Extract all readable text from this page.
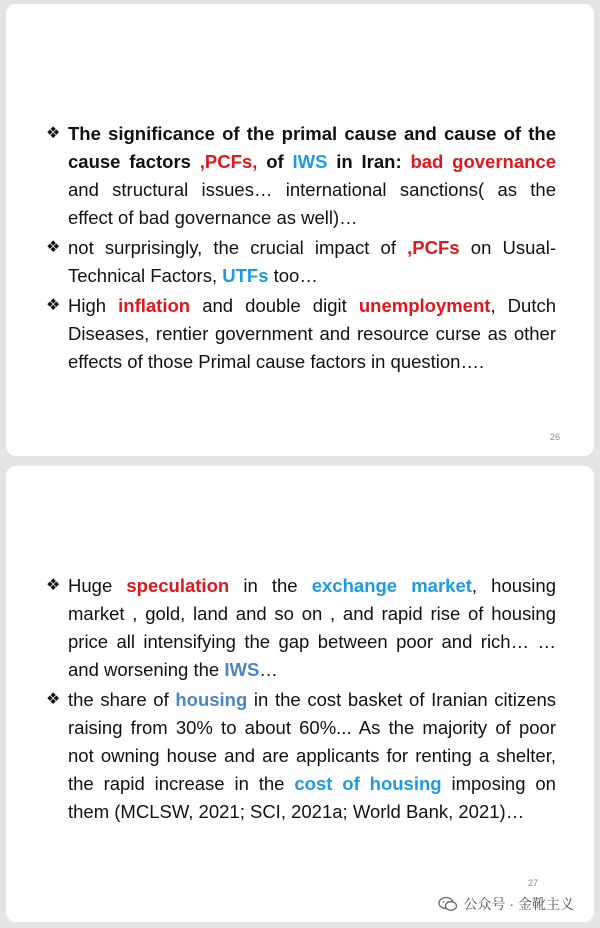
❖ The significance of the primal cause and cause of the cause factors ,PCFs, of IWS in Iran: bad governance and structural issues… international sanctions( as the effect of bad governance as well)…
❖ not surprisingly, the crucial impact of ,PCFs on Usual-Technical Factors, UTFs too…
❖ High inflation and double digit unemployment, Dutch Diseases, rentier government and resource curse as other effects of those Primal cause factors in question….
26
❖ Huge speculation in the exchange market, housing market , gold, land and so on , and rapid rise of housing price all intensifying the gap between poor and rich… …and worsening the IWS…
❖ the share of housing in the cost basket of Iranian citizens raising from 30% to about 60%... As the majority of poor not owning house and are applicants for renting a shelter, the rapid increase in the cost of housing imposing on them (MCLSW, 2021; SCI, 2021a; World Bank, 2021)…
公众号 · 金靴主义
27
